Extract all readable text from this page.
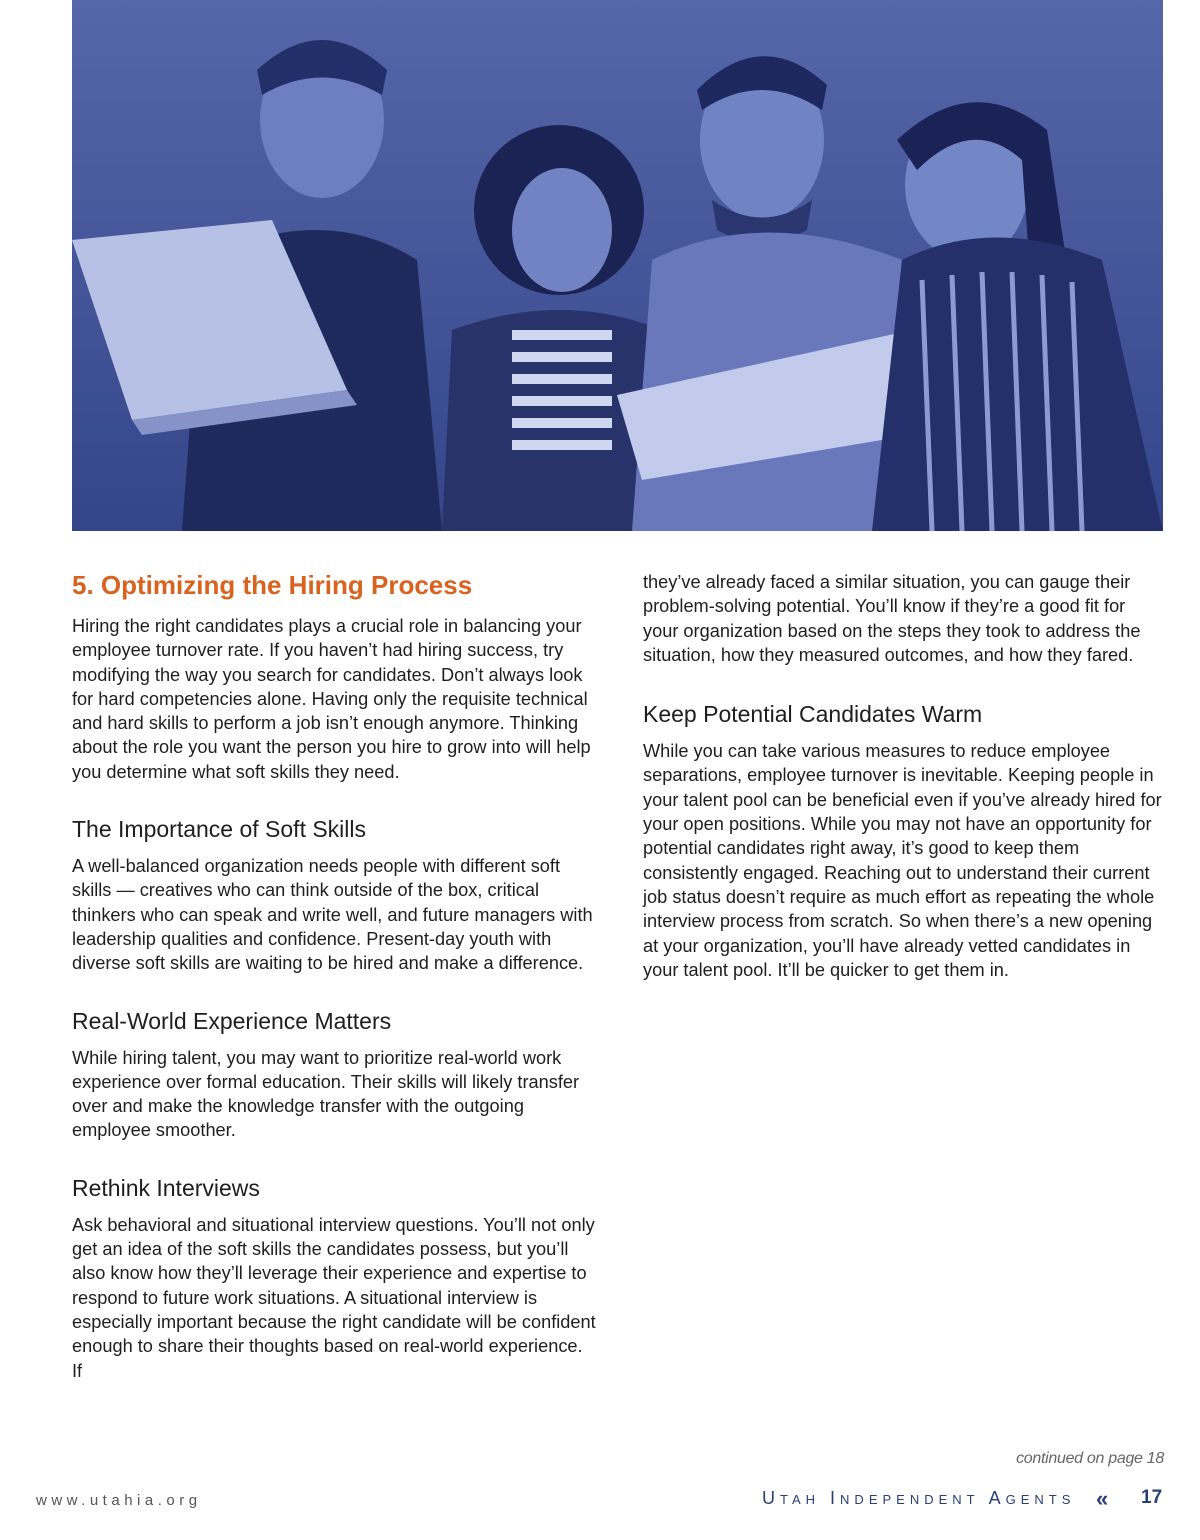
5. Optimizing the Hiring Process

Hiring the right candidates plays a crucial role in balancing your employee turnover rate. If you haven’t had hiring success, try modifying the way you search for candidates. Don’t always look for hard competencies alone. Having only the requisite technical and hard skills to perform a job isn’t enough anymore. Thinking about the role you want the person you hire to grow into will help you determine what soft skills they need.

The Importance of Soft Skills

A well-balanced organization needs people with different soft skills — creatives who can think outside of the box, critical thinkers who can speak and write well, and future managers with leadership qualities and confidence. Present-day youth with diverse soft skills are waiting to be hired and make a difference.

Real-World Experience Matters

While hiring talent, you may want to prioritize real-world work experience over formal education. Their skills will likely transfer over and make the knowledge transfer with the outgoing employee smoother.

Rethink Interviews

Ask behavioral and situational interview questions. You’ll not only get an idea of the soft skills the candidates possess, but you’ll also know how they’ll leverage their experience and expertise to respond to future work situations. A situational interview is especially important because the right candidate will be confident enough to share their thoughts based on real-world experience. If

they’ve already faced a similar situation, you can gauge their problem-solving potential. You’ll know if they’re a good fit for your organization based on the steps they took to address the situation, how they measured outcomes, and how they fared.

Keep Potential Candidates Warm

While you can take various measures to reduce employee separations, employee turnover is inevitable. Keeping people in your talent pool can be beneficial even if you’ve already hired for your open positions. While you may not have an opportunity for potential candidates right away, it’s good to keep them consistently engaged. Reaching out to understand their current job status doesn’t require as much effort as repeating the whole interview process from scratch. So when there’s a new opening at your organization, you’ll have already vetted candidates in your talent pool. It’ll be quicker to get them in.

continued on page 18
www.utahia.org	Utah Independent Agents « 17
